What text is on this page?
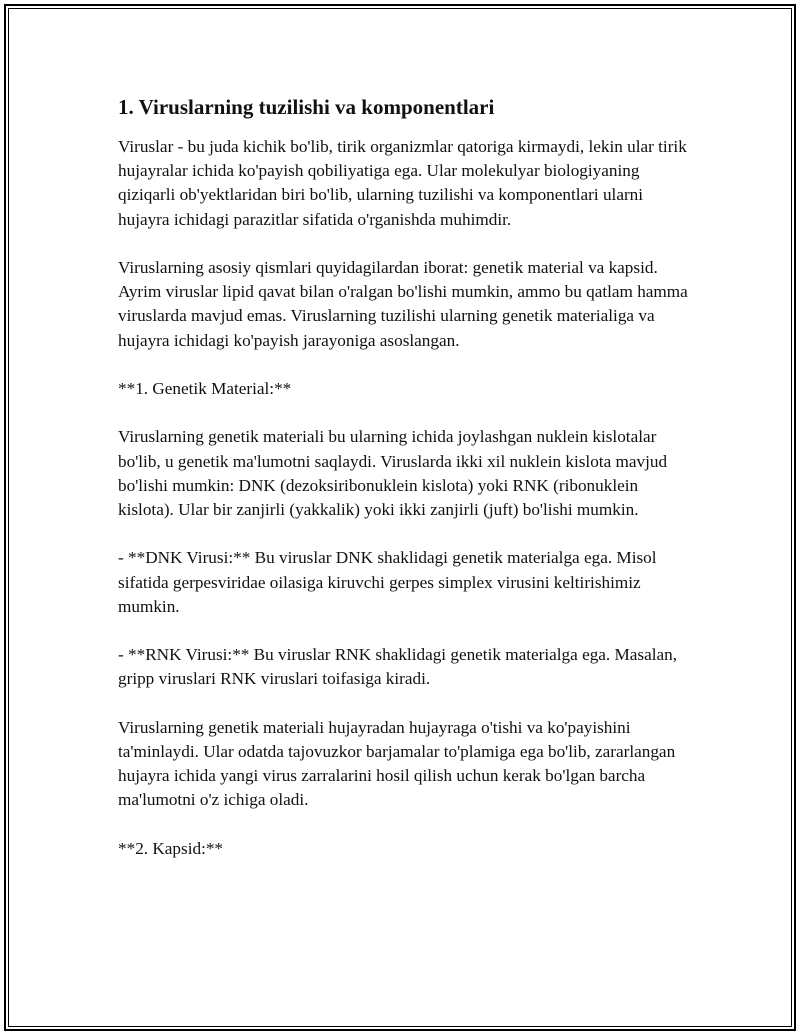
1. Viruslarning tuzilishi va komponentlari

Viruslar - bu juda kichik bo'lib, tirik organizmlar qatoriga kirmaydi, lekin ular tirik hujayralar ichida ko'payish qobiliyatiga ega. Ular molekulyar biologiyaning qiziqarli ob'yektlaridan biri bo'lib, ularning tuzilishi va komponentlari ularni hujayra ichidagi parazitlar sifatida o'rganishda muhimdir.

Viruslarning asosiy qismlari quyidagilardan iborat: genetik material va kapsid. Ayrim viruslar lipid qavat bilan o'ralgan bo'lishi mumkin, ammo bu qatlam hamma viruslarda mavjud emas. Viruslarning tuzilishi ularning genetik materialiga va hujayra ichidagi ko'payish jarayoniga asoslangan.

**1. Genetik Material:**

Viruslarning genetik materiali bu ularning ichida joylashgan nuklein kislotalar bo'lib, u genetik ma'lumotni saqlaydi. Viruslarda ikki xil nuklein kislota mavjud bo'lishi mumkin: DNK (dezoksiribonuklein kislota) yoki RNK (ribonuklein kislota). Ular bir zanjirli (yakkalik) yoki ikki zanjirli (juft) bo'lishi mumkin.

- **DNK Virusi:** Bu viruslar DNK shaklidagi genetik materialga ega. Misol sifatida gerpesviridae oilasiga kiruvchi gerpes simplex virusini keltirishimiz mumkin.

- **RNK Virusi:** Bu viruslar RNK shaklidagi genetik materialga ega. Masalan, gripp viruslari RNK viruslari toifasiga kiradi.

Viruslarning genetik materiali hujayradan hujayraga o'tishi va ko'payishini ta'minlaydi. Ular odatda tajovuzkor barjamalar to'plamiga ega bo'lib, zararlangan hujayra ichida yangi virus zarralarini hosil qilish uchun kerak bo'lgan barcha ma'lumotni o'z ichiga oladi.

**2. Kapsid:**
